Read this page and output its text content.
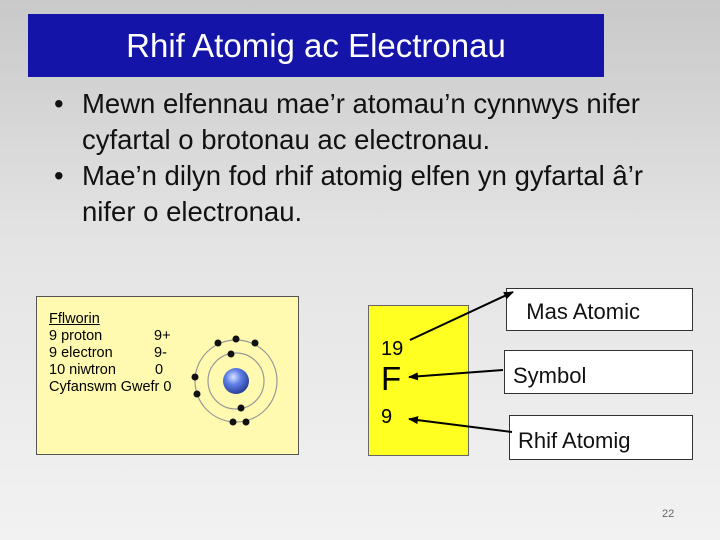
Rhif Atomig ac Electronau
• Mewn elfennau mae’r atomau’n cynnwys nifer cyfartal o brotonau ac electronau.
• Mae’n dilyn fod rhif atomig elfen yn gyfartal â’r nifer o electronau.
Fflworin
9 proton	9+
9 electron	9-
10 niwtron	0
Cyfanswm Gwefr 0
19
F
9
Mas Atomic
Symbol
Rhif Atomig
22
